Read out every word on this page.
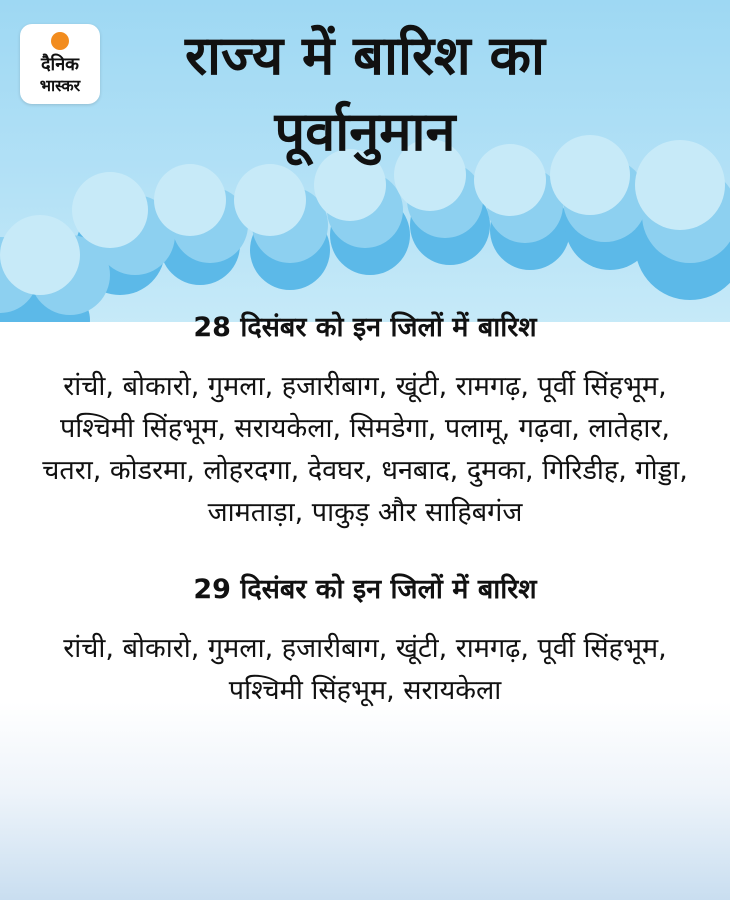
दैनिक
भास्कर	राज्य में बारिश का पूर्वानुमान

28 दिसंबर को इन जिलों में बारिश

रांची, बोकारो, गुमला, हजारीबाग, खूंटी, रामगढ़, पूर्वी सिंहभूम, पश्चिमी सिंहभूम, सरायकेला, सिमडेगा, पलामू, गढ़वा, लातेहार, चतरा, कोडरमा, लोहरदगा, देवघर, धनबाद, दुमका, गिरिडीह, गोड्डा, जामताड़ा, पाकुड़ और साहिबगंज

29 दिसंबर को इन जिलों में बारिश

रांची, बोकारो, गुमला, हजारीबाग, खूंटी, रामगढ़, पूर्वी सिंहभूम, पश्चिमी सिंहभूम, सरायकेला
